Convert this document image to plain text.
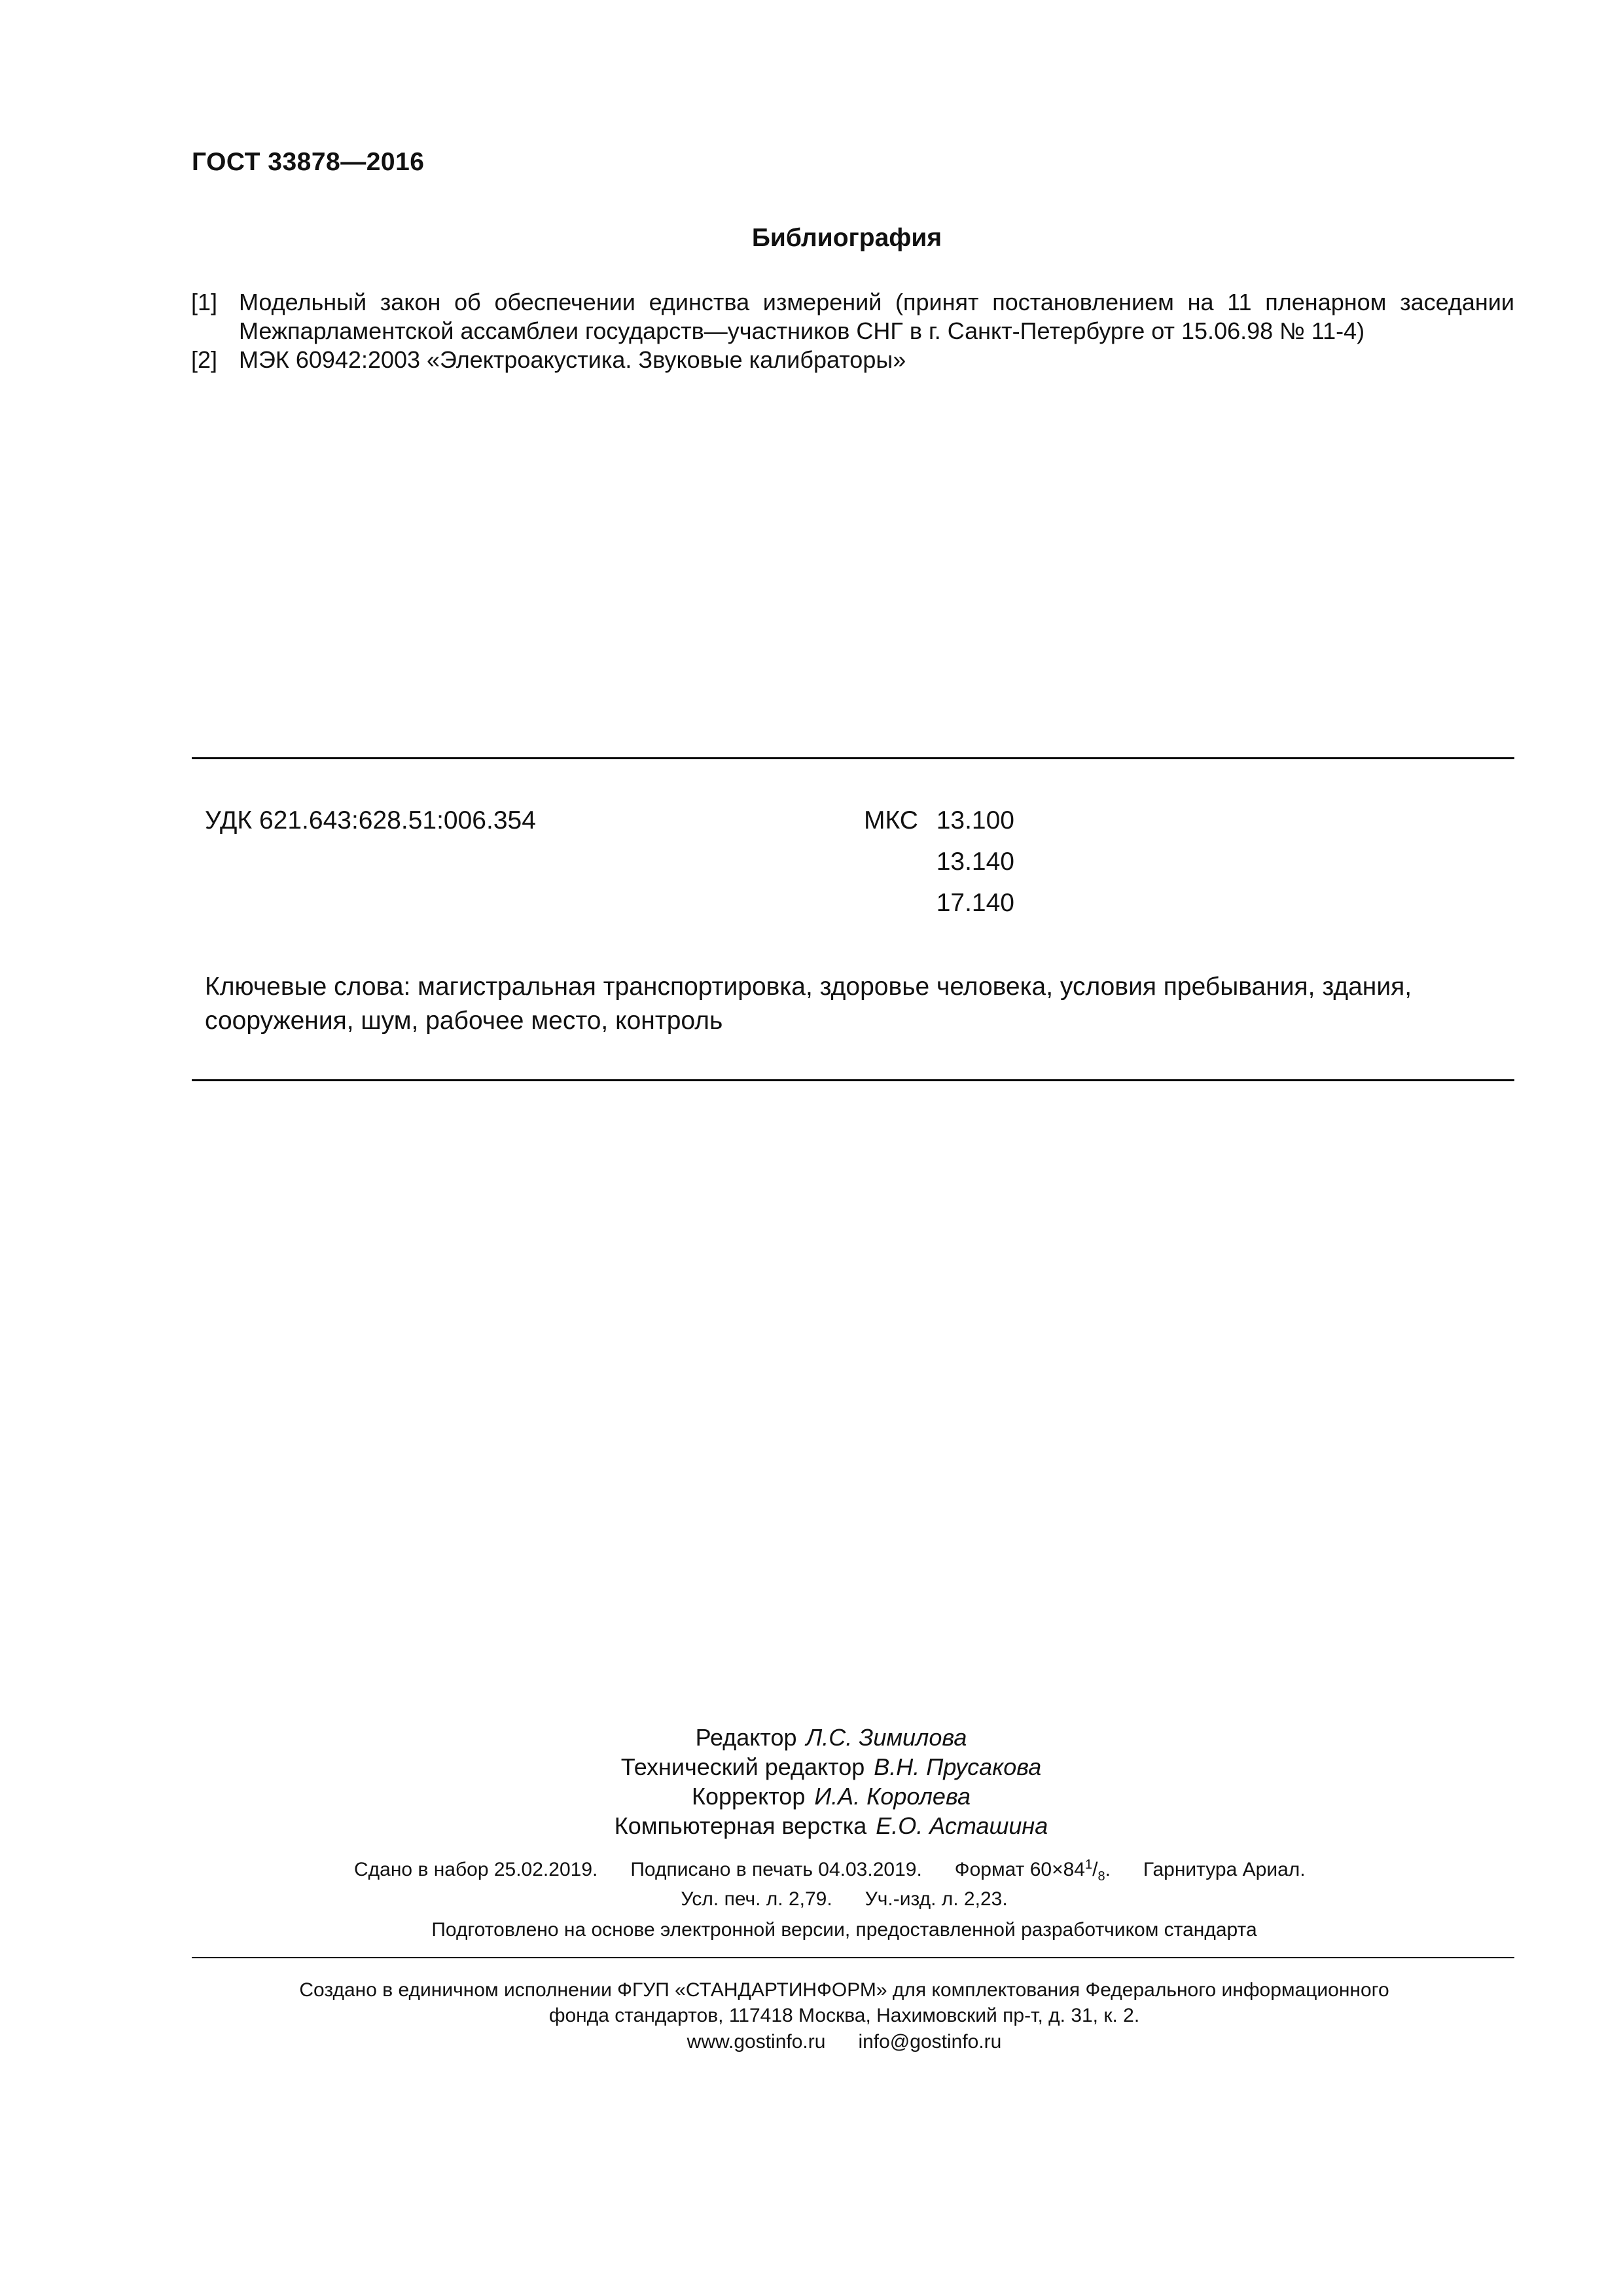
ГОСТ 33878—2016
Библиография

[1] Модельный закон об обеспечении единства измерений (принят постановлением на 11 пленарном заседании Межпарламентской ассамблеи государств—участников СНГ в г. Санкт-Петербурге от 15.06.98 № 11-4)

[2] МЭК 60942:2003 «Электроакустика. Звуковые калибраторы»

УДК 621.643:628.51:006.354	МКС 13.100
13.140
17.140
Ключевые слова: магистральная транспортировка, здоровье человека, условия пребывания, здания, сооружения, шум, рабочее место, контроль
Редактор Л.С. Зимилова
Технический редактор В.Н. Прусакова
Корректор И.А. Королева
Компьютерная верстка Е.О. Асташина
Сдано в набор 25.02.2019. Подписано в печать 04.03.2019. Формат $60\times 84^1/_8$. Гарнитура Ариал.
Усл. печ. л. 2,79.      Уч.-изд. л. 2,23.
Подготовлено на основе электронной версии, предоставленной разработчиком стандарта
Создано в единичном исполнении ФГУП «СТАНДАРТИНФОРМ» для комплектования Федерального информационного
фонда стандартов, 117418 Москва, Нахимовский пр-т, д. 31, к. 2.
www.gostinfo.ru info@gostinfo.ru
